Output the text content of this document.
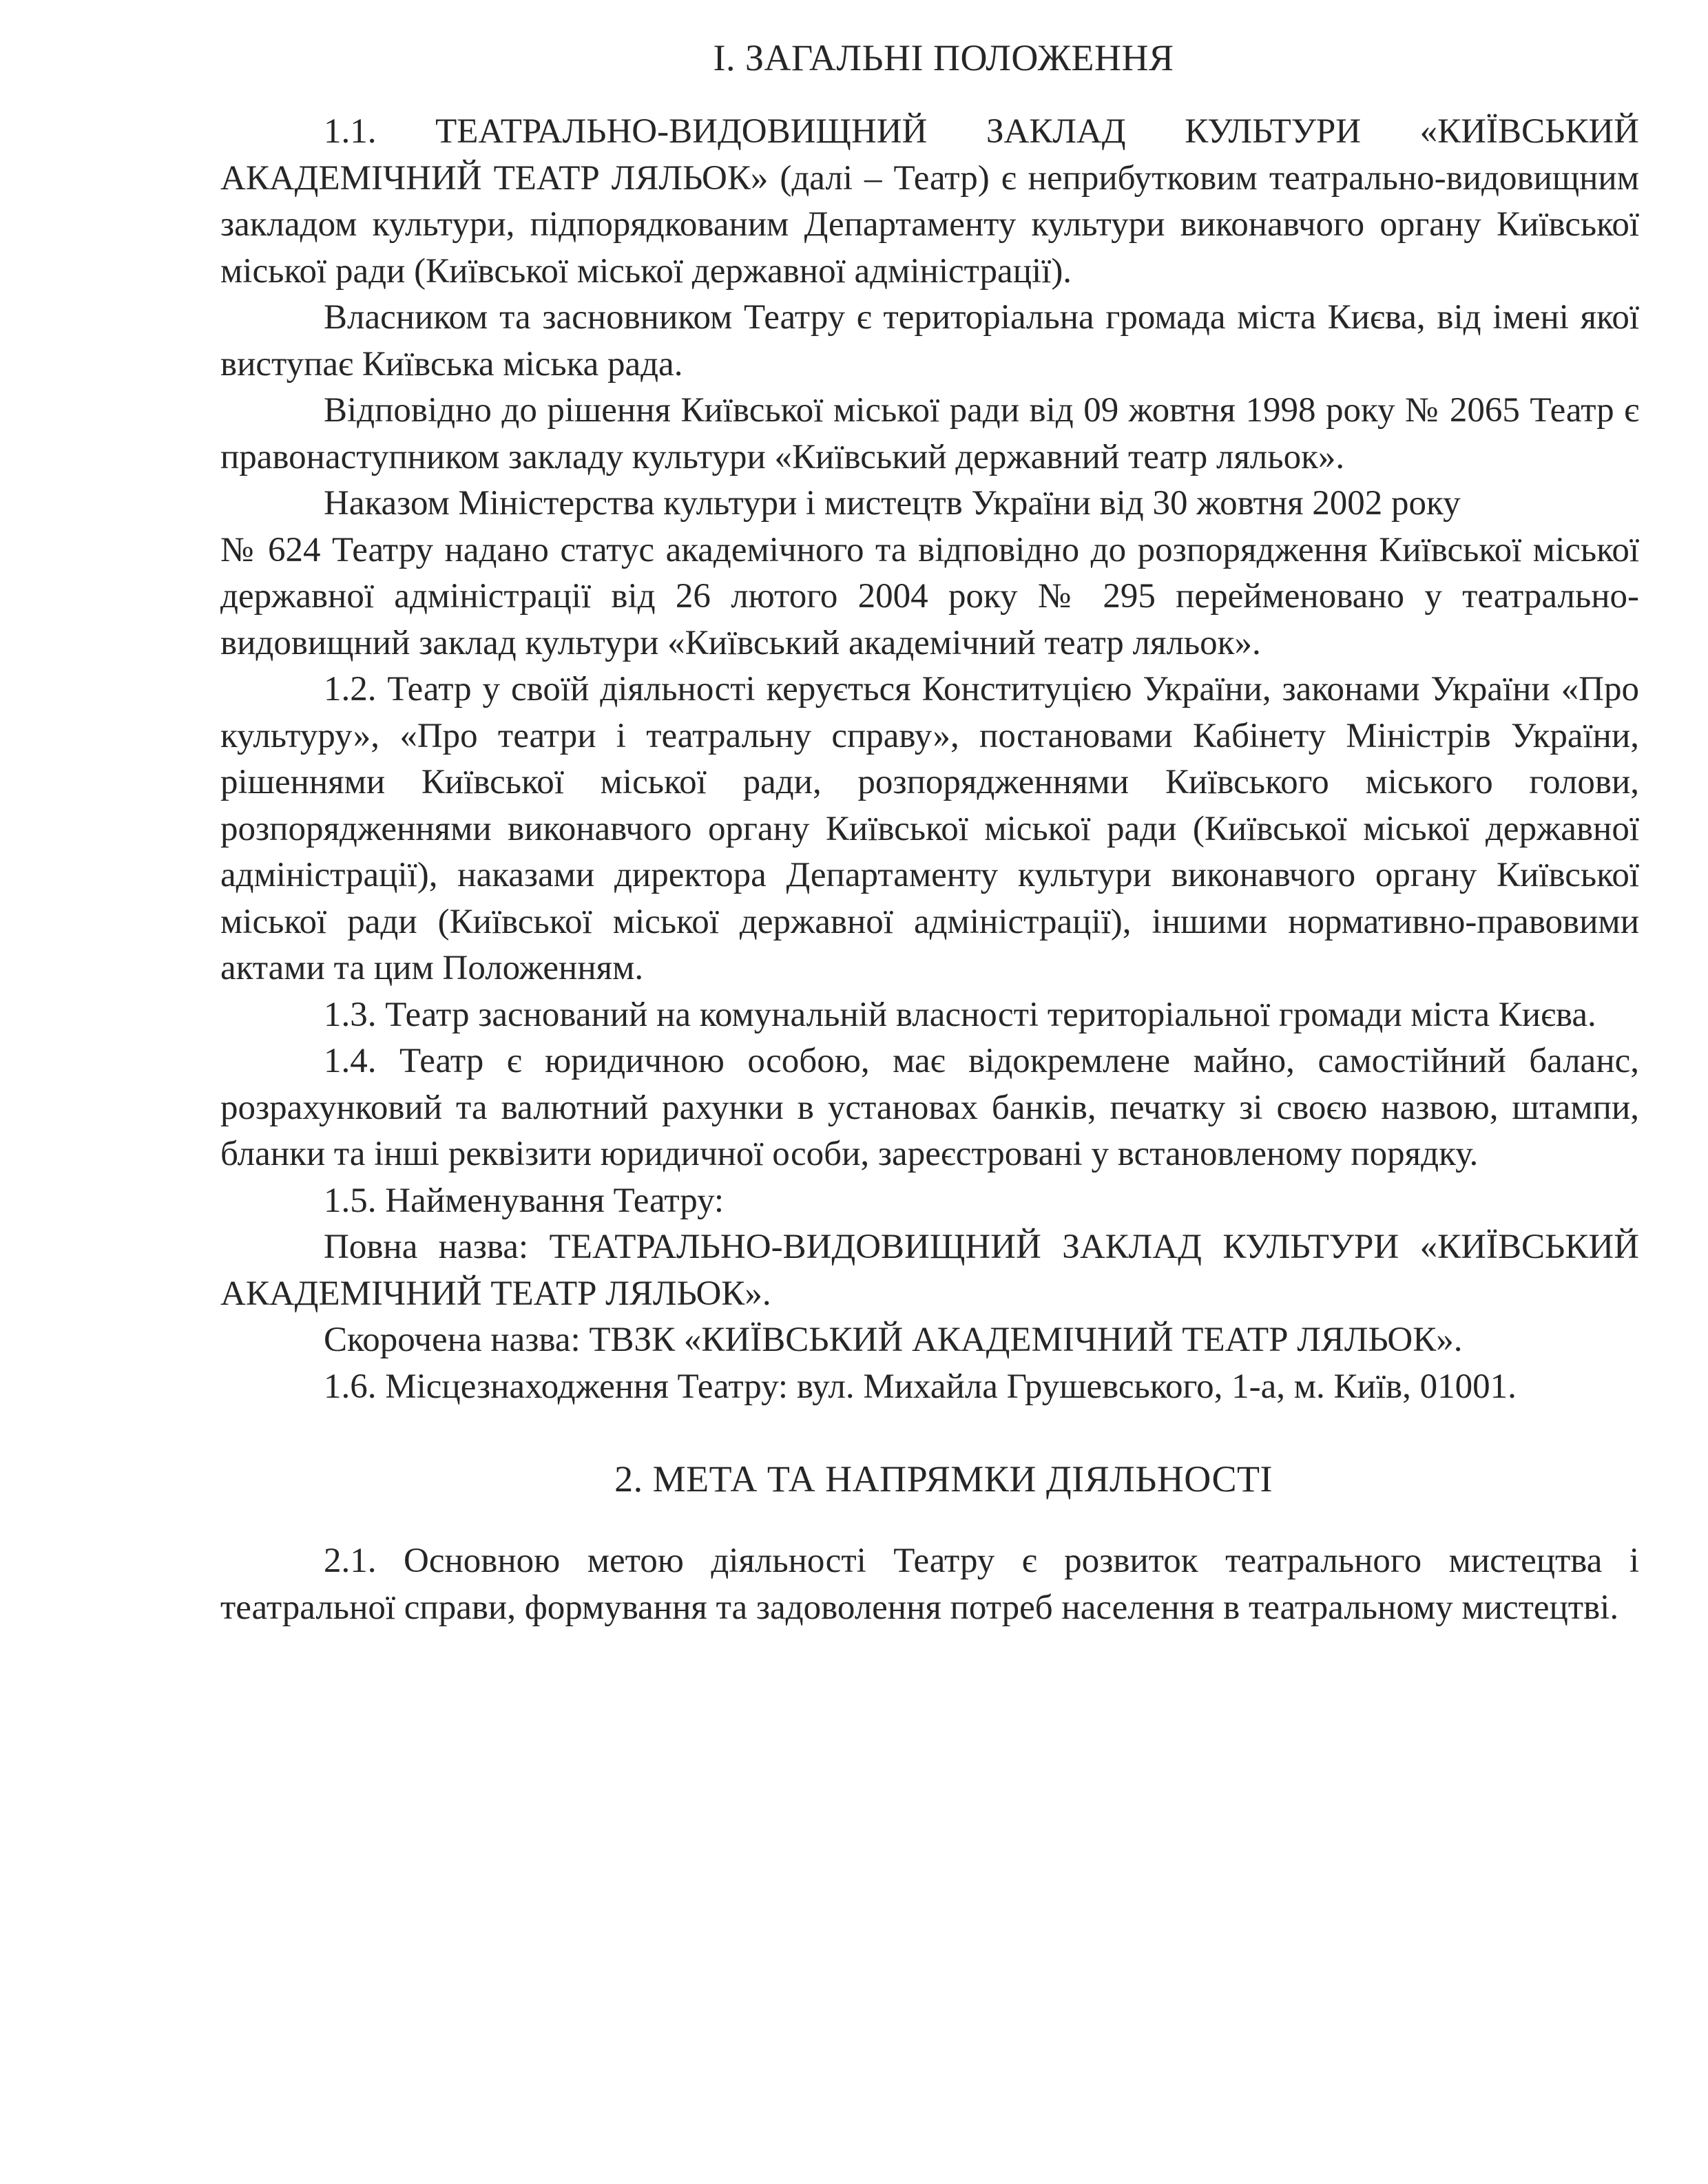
І. ЗАГАЛЬНІ ПОЛОЖЕННЯ

1.1. ТЕАТРАЛЬНО-ВИДОВИЩНИЙ ЗАКЛАД КУЛЬТУРИ «КИЇВСЬКИЙ АКАДЕМІЧНИЙ ТЕАТР ЛЯЛЬОК» (далі – Театр) є неприбутковим театрально-видовищним закладом культури, підпорядкованим Департаменту культури виконавчого органу Київської міської ради (Київської міської державної адміністрації).

Власником та засновником Театру є територіальна громада міста Києва, від імені якої виступає Київська міська рада.

Відповідно до рішення Київської міської ради від 09 жовтня 1998 року № 2065 Театр є правонаступником закладу культури «Київський державний театр ляльок».

Наказом Міністерства культури і мистецтв України від 30 жовтня 2002 року

№ 624 Театру надано статус академічного та відповідно до розпорядження Київської міської державної адміністрації від 26 лютого 2004 року № 295 перейменовано у театрально-видовищний заклад культури «Київський академічний театр ляльок».

1.2. Театр у своїй діяльності керується Конституцією України, законами України «Про культуру», «Про театри і театральну справу», постановами Кабінету Міністрів України, рішеннями Київської міської ради, розпорядженнями Київського міського голови, розпорядженнями виконавчого органу Київської міської ради (Київської міської державної адміністрації), наказами директора Департаменту культури виконавчого органу Київської міської ради (Київської міської державної адміністрації), іншими нормативно-правовими актами та цим Положенням.

1.3. Театр заснований на комунальній власності територіальної громади міста Києва.

1.4. Театр є юридичною особою, має відокремлене майно, самостійний баланс, розрахунковий та валютний рахунки в установах банків, печатку зі своєю назвою, штампи, бланки та інші реквізити юридичної особи, зареєстровані у встановленому порядку.

1.5. Найменування Театру:

Повна назва: ТЕАТРАЛЬНО-ВИДОВИЩНИЙ ЗАКЛАД КУЛЬТУРИ «КИЇВСЬКИЙ АКАДЕМІЧНИЙ ТЕАТР ЛЯЛЬОК».

Скорочена назва: ТВЗК «КИЇВСЬКИЙ АКАДЕМІЧНИЙ ТЕАТР ЛЯЛЬОК».

1.6. Місцезнаходження Театру: вул. Михайла Грушевського, 1-а, м. Київ, 01001.

2. МЕТА ТА НАПРЯМКИ ДІЯЛЬНОСТІ

2.1. Основною метою діяльності Театру є розвиток театрального мистецтва і театральної справи, формування та задоволення потреб населення в театральному мистецтві.
